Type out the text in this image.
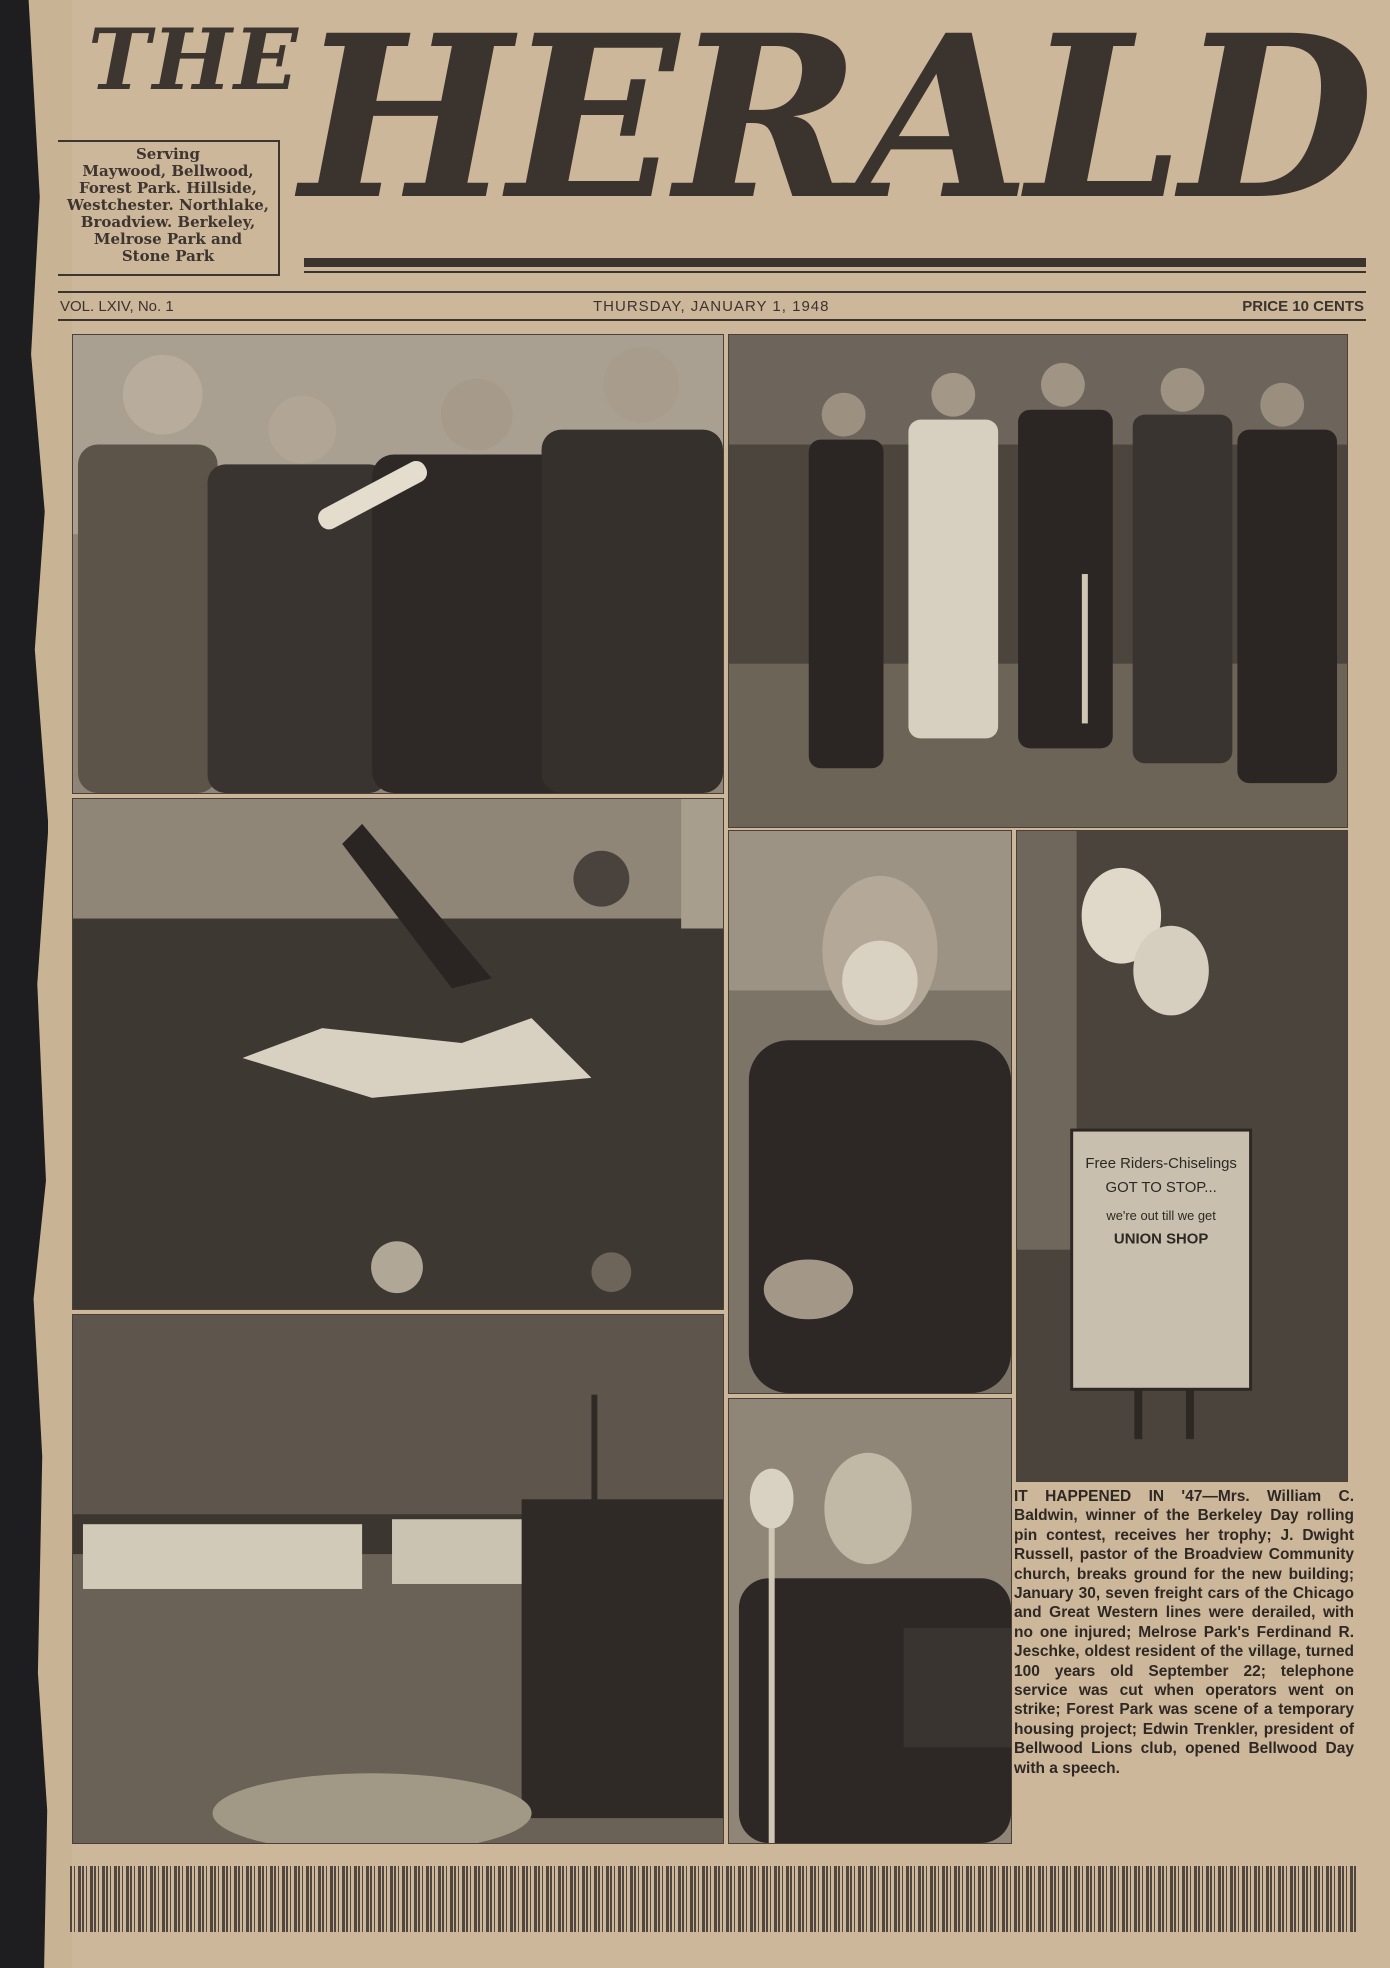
THE
Serving
Maywood, Bellwood,
Forest Park. Hillside,
Westchester. Northlake,
Broadview. Berkeley,
Melrose Park and
Stone Park
HERALD
VOL. LXIV, No. 1	THURSDAY, JANUARY 1, 1948	PRICE 10 CENTS
Free Riders-Chiselings
GOT TO STOP...
we're out till we get
UNION SHOP
IT HAPPENED IN '47—Mrs. William C. Baldwin, winner of the Berkeley Day rolling pin contest, receives her trophy; J. Dwight Russell, pastor of the Broadview Community church, breaks ground for the new building; January 30, seven freight cars of the Chicago and Great Western lines were derailed, with no one injured; Melrose Park's Ferdinand R. Jeschke, oldest resident of the village, turned 100 years old September 22; telephone service was cut when operators went on strike; Forest Park was scene of a temporary housing project; Edwin Trenkler, president of Bellwood Lions club, opened Bellwood Day with a speech.
